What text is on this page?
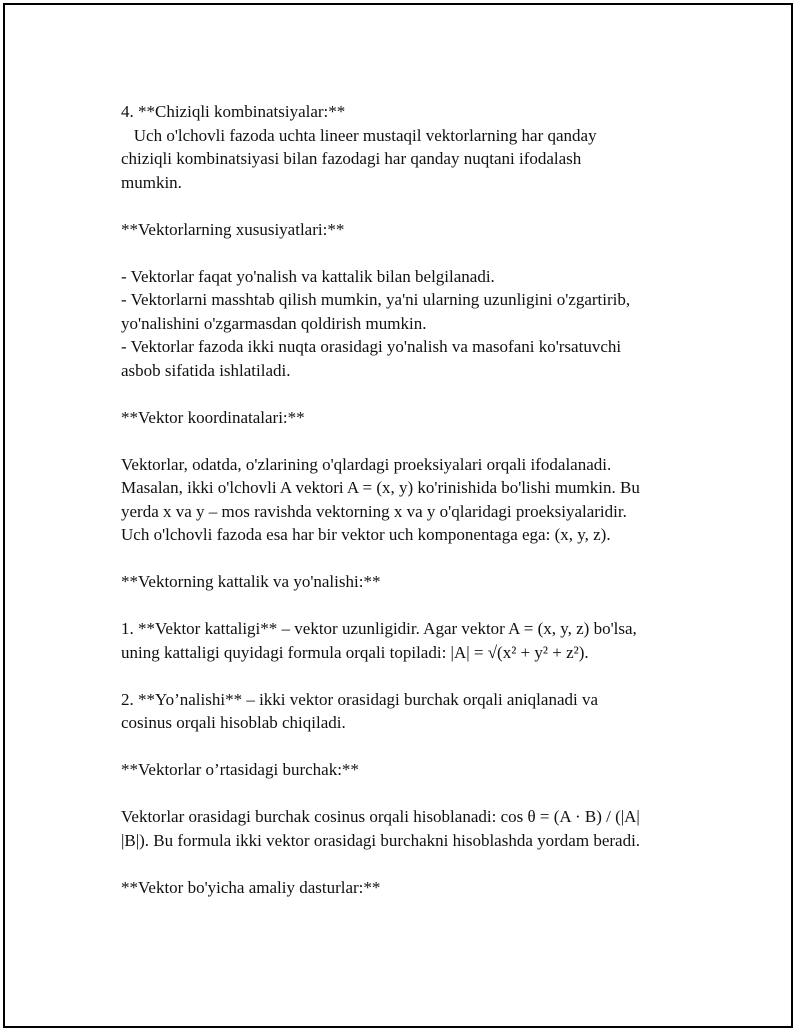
4. **Chiziqli kombinatsiyalar:**

Uch o'lchovli fazoda uchta lineer mustaqil vektorlarning har qanday
chiziqli kombinatsiyasi bilan fazodagi har qanday nuqtani ifodalash
mumkin.

**Vektorlarning xususiyatlari:**

- Vektorlar faqat yo'nalish va kattalik bilan belgilanadi.
- Vektorlarni masshtab qilish mumkin, ya'ni ularning uzunligini o'zgartirib,
yo'nalishini o'zgarmasdan qoldirish mumkin.
- Vektorlar fazoda ikki nuqta orasidagi yo'nalish va masofani ko'rsatuvchi
asbob sifatida ishlatiladi.

**Vektor koordinatalari:**

Vektorlar, odatda, o'zlarining o'qlardagi proeksiyalari orqali ifodalanadi.
Masalan, ikki o'lchovli A vektori A = (x, y) ko'rinishida bo'lishi mumkin. Bu
yerda x va y – mos ravishda vektorning x va y o'qlaridagi proeksiyalaridir.
Uch o'lchovli fazoda esa har bir vektor uch komponentaga ega: (x, y, z).

**Vektorning kattalik va yo'nalishi:**

1. **Vektor kattaligi** – vektor uzunligidir. Agar vektor A = (x, y, z) bo'lsa,
uning kattaligi quyidagi formula orqali topiladi: |A| = √(x² + y² + z²).

2. **Yo’nalishi** – ikki vektor orasidagi burchak orqali aniqlanadi va
cosinus orqali hisoblab chiqiladi.

**Vektorlar o’rtasidagi burchak:**

Vektorlar orasidagi burchak cosinus orqali hisoblanadi: cos θ = (A · B) / (|A|
|B|). Bu formula ikki vektor orasidagi burchakni hisoblashda yordam beradi.

**Vektor bo'yicha amaliy dasturlar:**
